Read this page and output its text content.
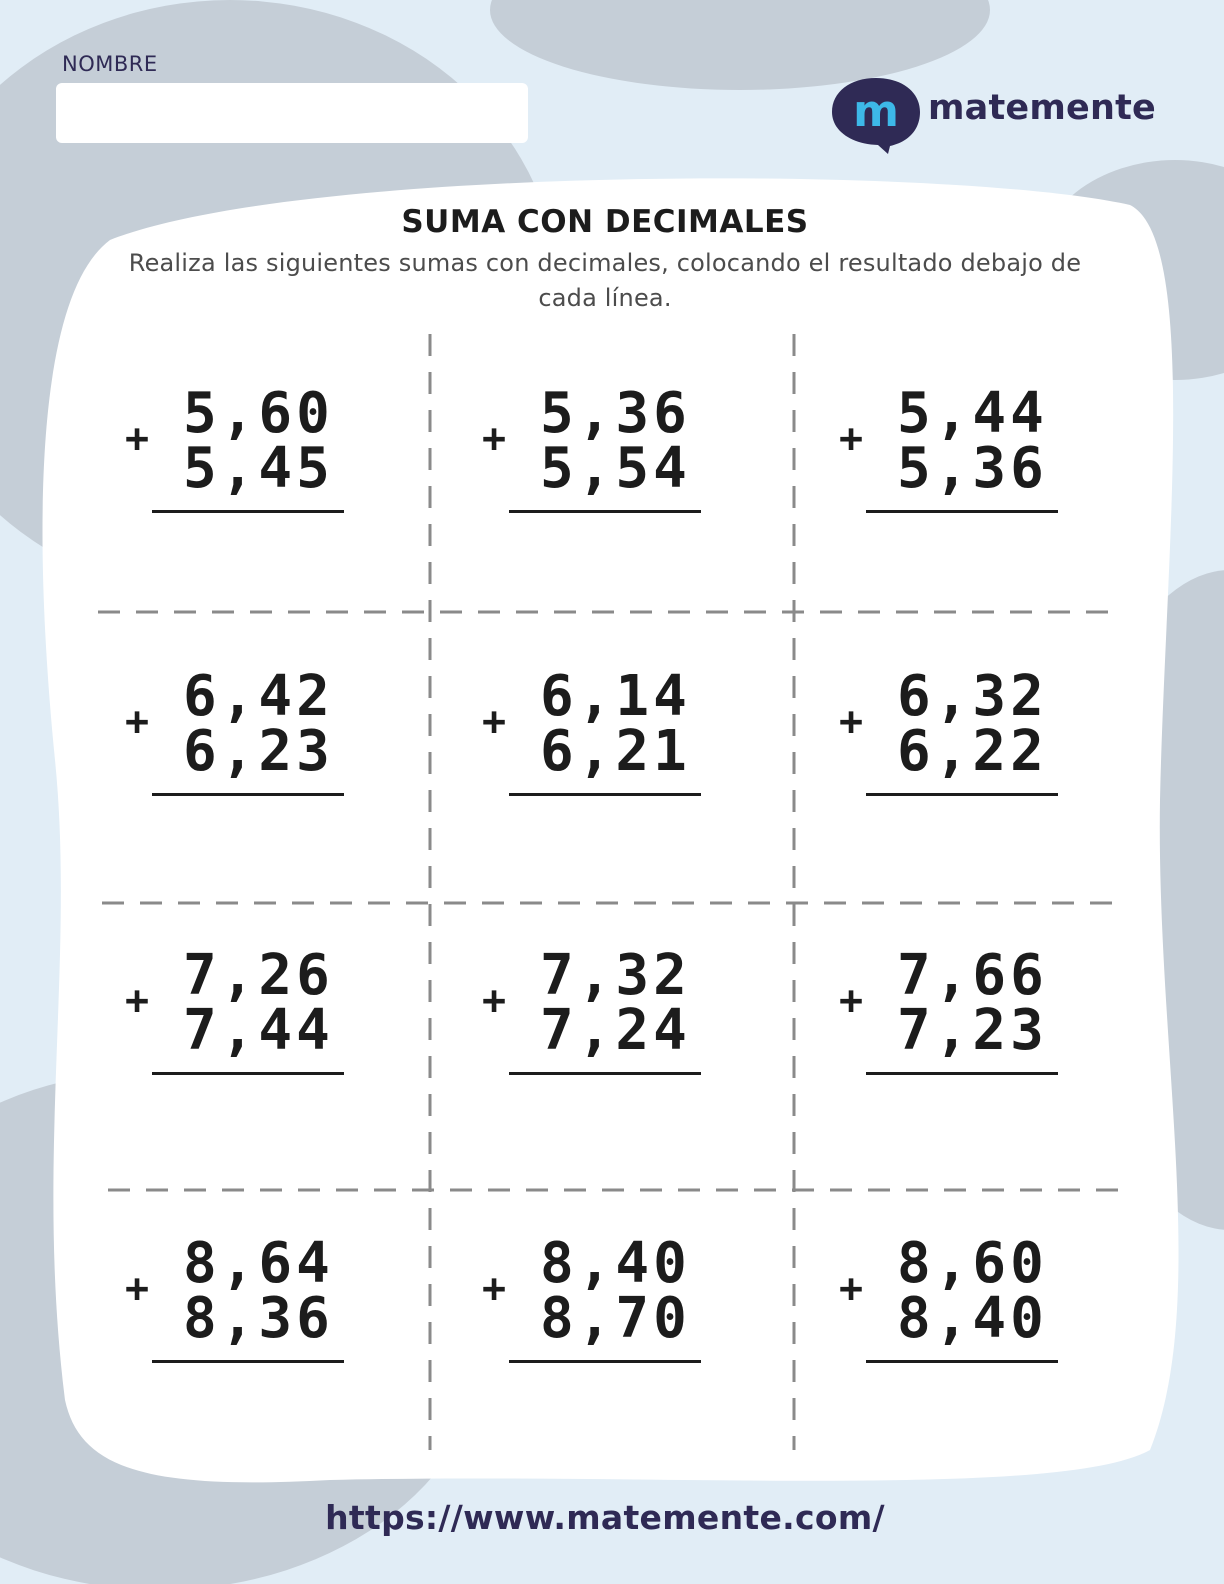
NOMBRE
m matemente
SUMA CON DECIMALES
Realiza las siguientes sumas con decimales, colocando el resultado debajo de cada línea.
+ 5,60
5,45	+ 5,36
5,54	+ 5,44
5,36
+ 6,42
6,23	+ 6,14
6,21	+ 6,32
6,22
+ 7,26
7,44	+ 7,32
7,24	+ 7,66
7,23
+ 8,64
8,36	+ 8,40
8,70	+ 8,60
8,40
https://www.matemente.com/
